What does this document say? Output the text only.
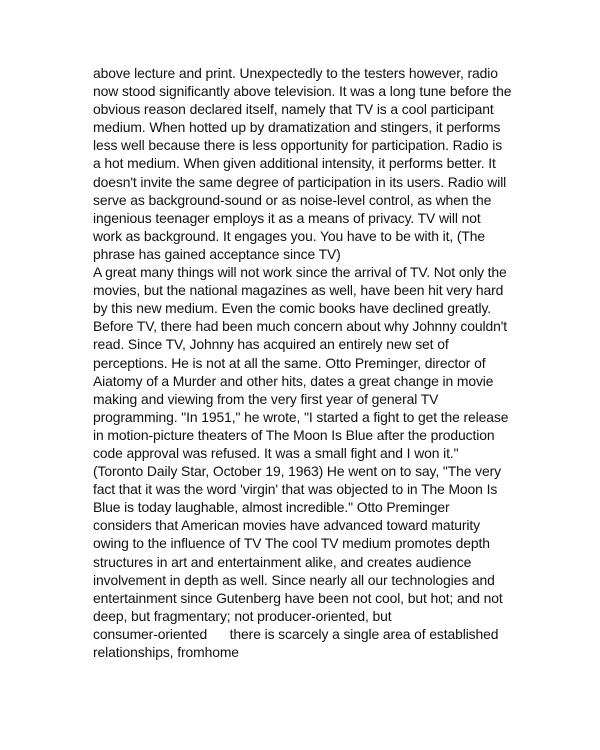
above lecture and print. Unexpectedly to the testers however, radio
now stood significantly above television. It was a long tune before the
obvious reason declared itself, namely that TV is a cool participant
medium. When hotted up by dramatization and stingers, it performs
less well because there is less opportunity for participation. Radio is
a hot medium. When given additional intensity, it performs better. It
doesn't invite the same degree of participation in its users. Radio will
serve as background-sound or as noise-level control, as when the
ingenious teenager employs it as a means of privacy. TV will not
work as background. It engages you. You have to be with it, (The
phrase has gained acceptance since TV)
A great many things will not work since the arrival of TV. Not only the
movies, but the national magazines as well, have been hit very hard
by this new medium. Even the comic books have declined greatly.
Before TV, there had been much concern about why Johnny couldn't
read. Since TV, Johnny has acquired an entirely new set of
perceptions. He is not at all the same. Otto Preminger, director of
Aiatomy of a Murder and other hits, dates a great change in movie
making and viewing from the very first year of general TV
programming. "In 1951," he wrote, "I started a fight to get the release
in motion-picture theaters of The Moon Is Blue after the production
code approval was refused. It was a small fight and I won it."
(Toronto Daily Star, October 19, 1963) He went on to say, "The very
fact that it was the word 'virgin' that was objected to in The Moon Is
Blue is today laughable, almost incredible." Otto Preminger
considers that American movies have advanced toward maturity
owing to the influence of TV The cool TV medium promotes depth
structures in art and entertainment alike, and creates audience
involvement in depth as well. Since nearly all our technologies and
entertainment since Gutenberg have been not cool, but hot; and not
deep, but fragmentary; not producer-oriented, but
consumer-oriented      there is scarcely a single area of established
relationships, fromhome
